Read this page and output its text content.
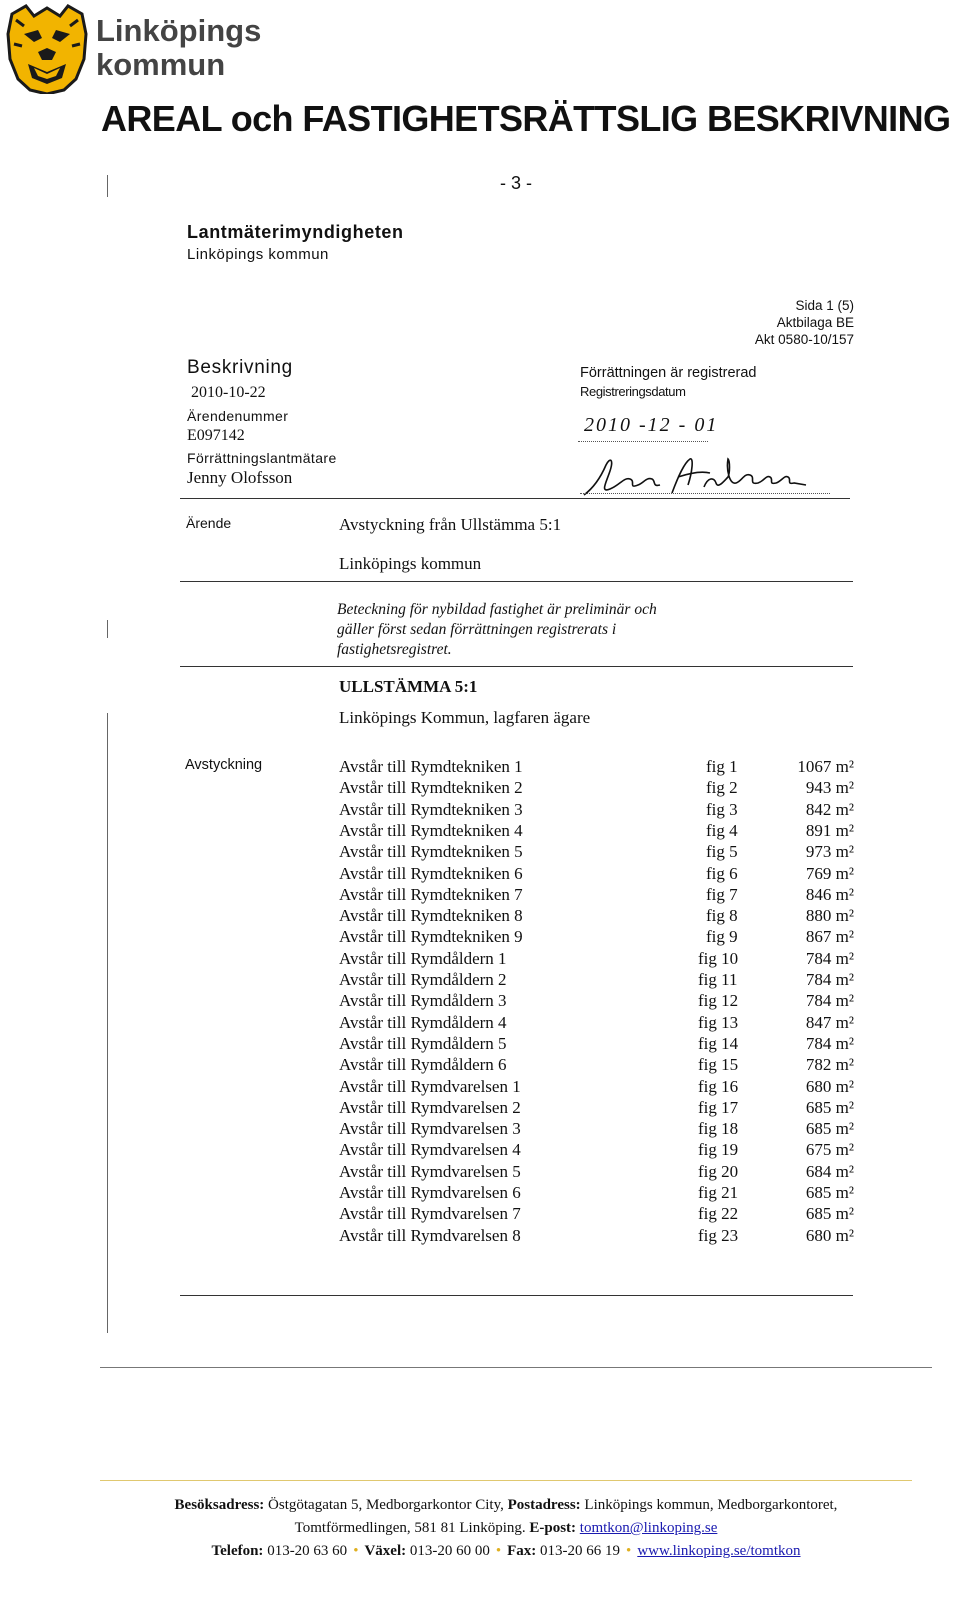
Linköpings
kommun
AREAL och FASTIGHETSRÄTTSLIG BESKRIVNING
- 3 -
Lantmäterimyndigheten
Linköpings kommun
Sida 1 (5)
Aktbilaga BE
Akt 0580-10/157
Beskrivning
2010-10-22
Ärendenummer
E097142
Förrättningslantmätare
Jenny Olofsson
Förrättningen är registrerad
Registreringsdatum
2010 -12 - 01
Ärende	Avstyckning från Ullstämma 5:1
Linköpings kommun
Beteckning för nybildad fastighet är preliminär och
gäller först sedan förrättningen registrerats i
fastighetsregistret.
ULLSTÄMMA 5:1
Linköpings Kommun, lagfaren ägare
Avstyckning	Avstår till Rymdtekniken 1	fig 1	1067 m²
Avstår till Rymdtekniken 2	fig 2	943 m²
Avstår till Rymdtekniken 3	fig 3	842 m²
Avstår till Rymdtekniken 4	fig 4	891 m²
Avstår till Rymdtekniken 5	fig 5	973 m²
Avstår till Rymdtekniken 6	fig 6	769 m²
Avstår till Rymdtekniken 7	fig 7	846 m²
Avstår till Rymdtekniken 8	fig 8	880 m²
Avstår till Rymdtekniken 9	fig 9	867 m²
Avstår till Rymdåldern 1	fig 10	784 m²
Avstår till Rymdåldern 2	fig 11	784 m²
Avstår till Rymdåldern 3	fig 12	784 m²
Avstår till Rymdåldern 4	fig 13	847 m²
Avstår till Rymdåldern 5	fig 14	784 m²
Avstår till Rymdåldern 6	fig 15	782 m²
Avstår till Rymdvarelsen 1	fig 16	680 m²
Avstår till Rymdvarelsen 2	fig 17	685 m²
Avstår till Rymdvarelsen 3	fig 18	685 m²
Avstår till Rymdvarelsen 4	fig 19	675 m²
Avstår till Rymdvarelsen 5	fig 20	684 m²
Avstår till Rymdvarelsen 6	fig 21	685 m²
Avstår till Rymdvarelsen 7	fig 22	685 m²
Avstår till Rymdvarelsen 8	fig 23	680 m²
Besöksadress: Östgötagatan 5, Medborgarkontor City, Postadress: Linköpings kommun, Medborgarkontoret,
Tomtförmedlingen, 581 81 Linköping. E-post: tomtkon@linkoping.se
Telefon: 013-20 63 60 • Växel: 013-20 60 00 • Fax: 013-20 66 19 • www.linkoping.se/tomtkon
